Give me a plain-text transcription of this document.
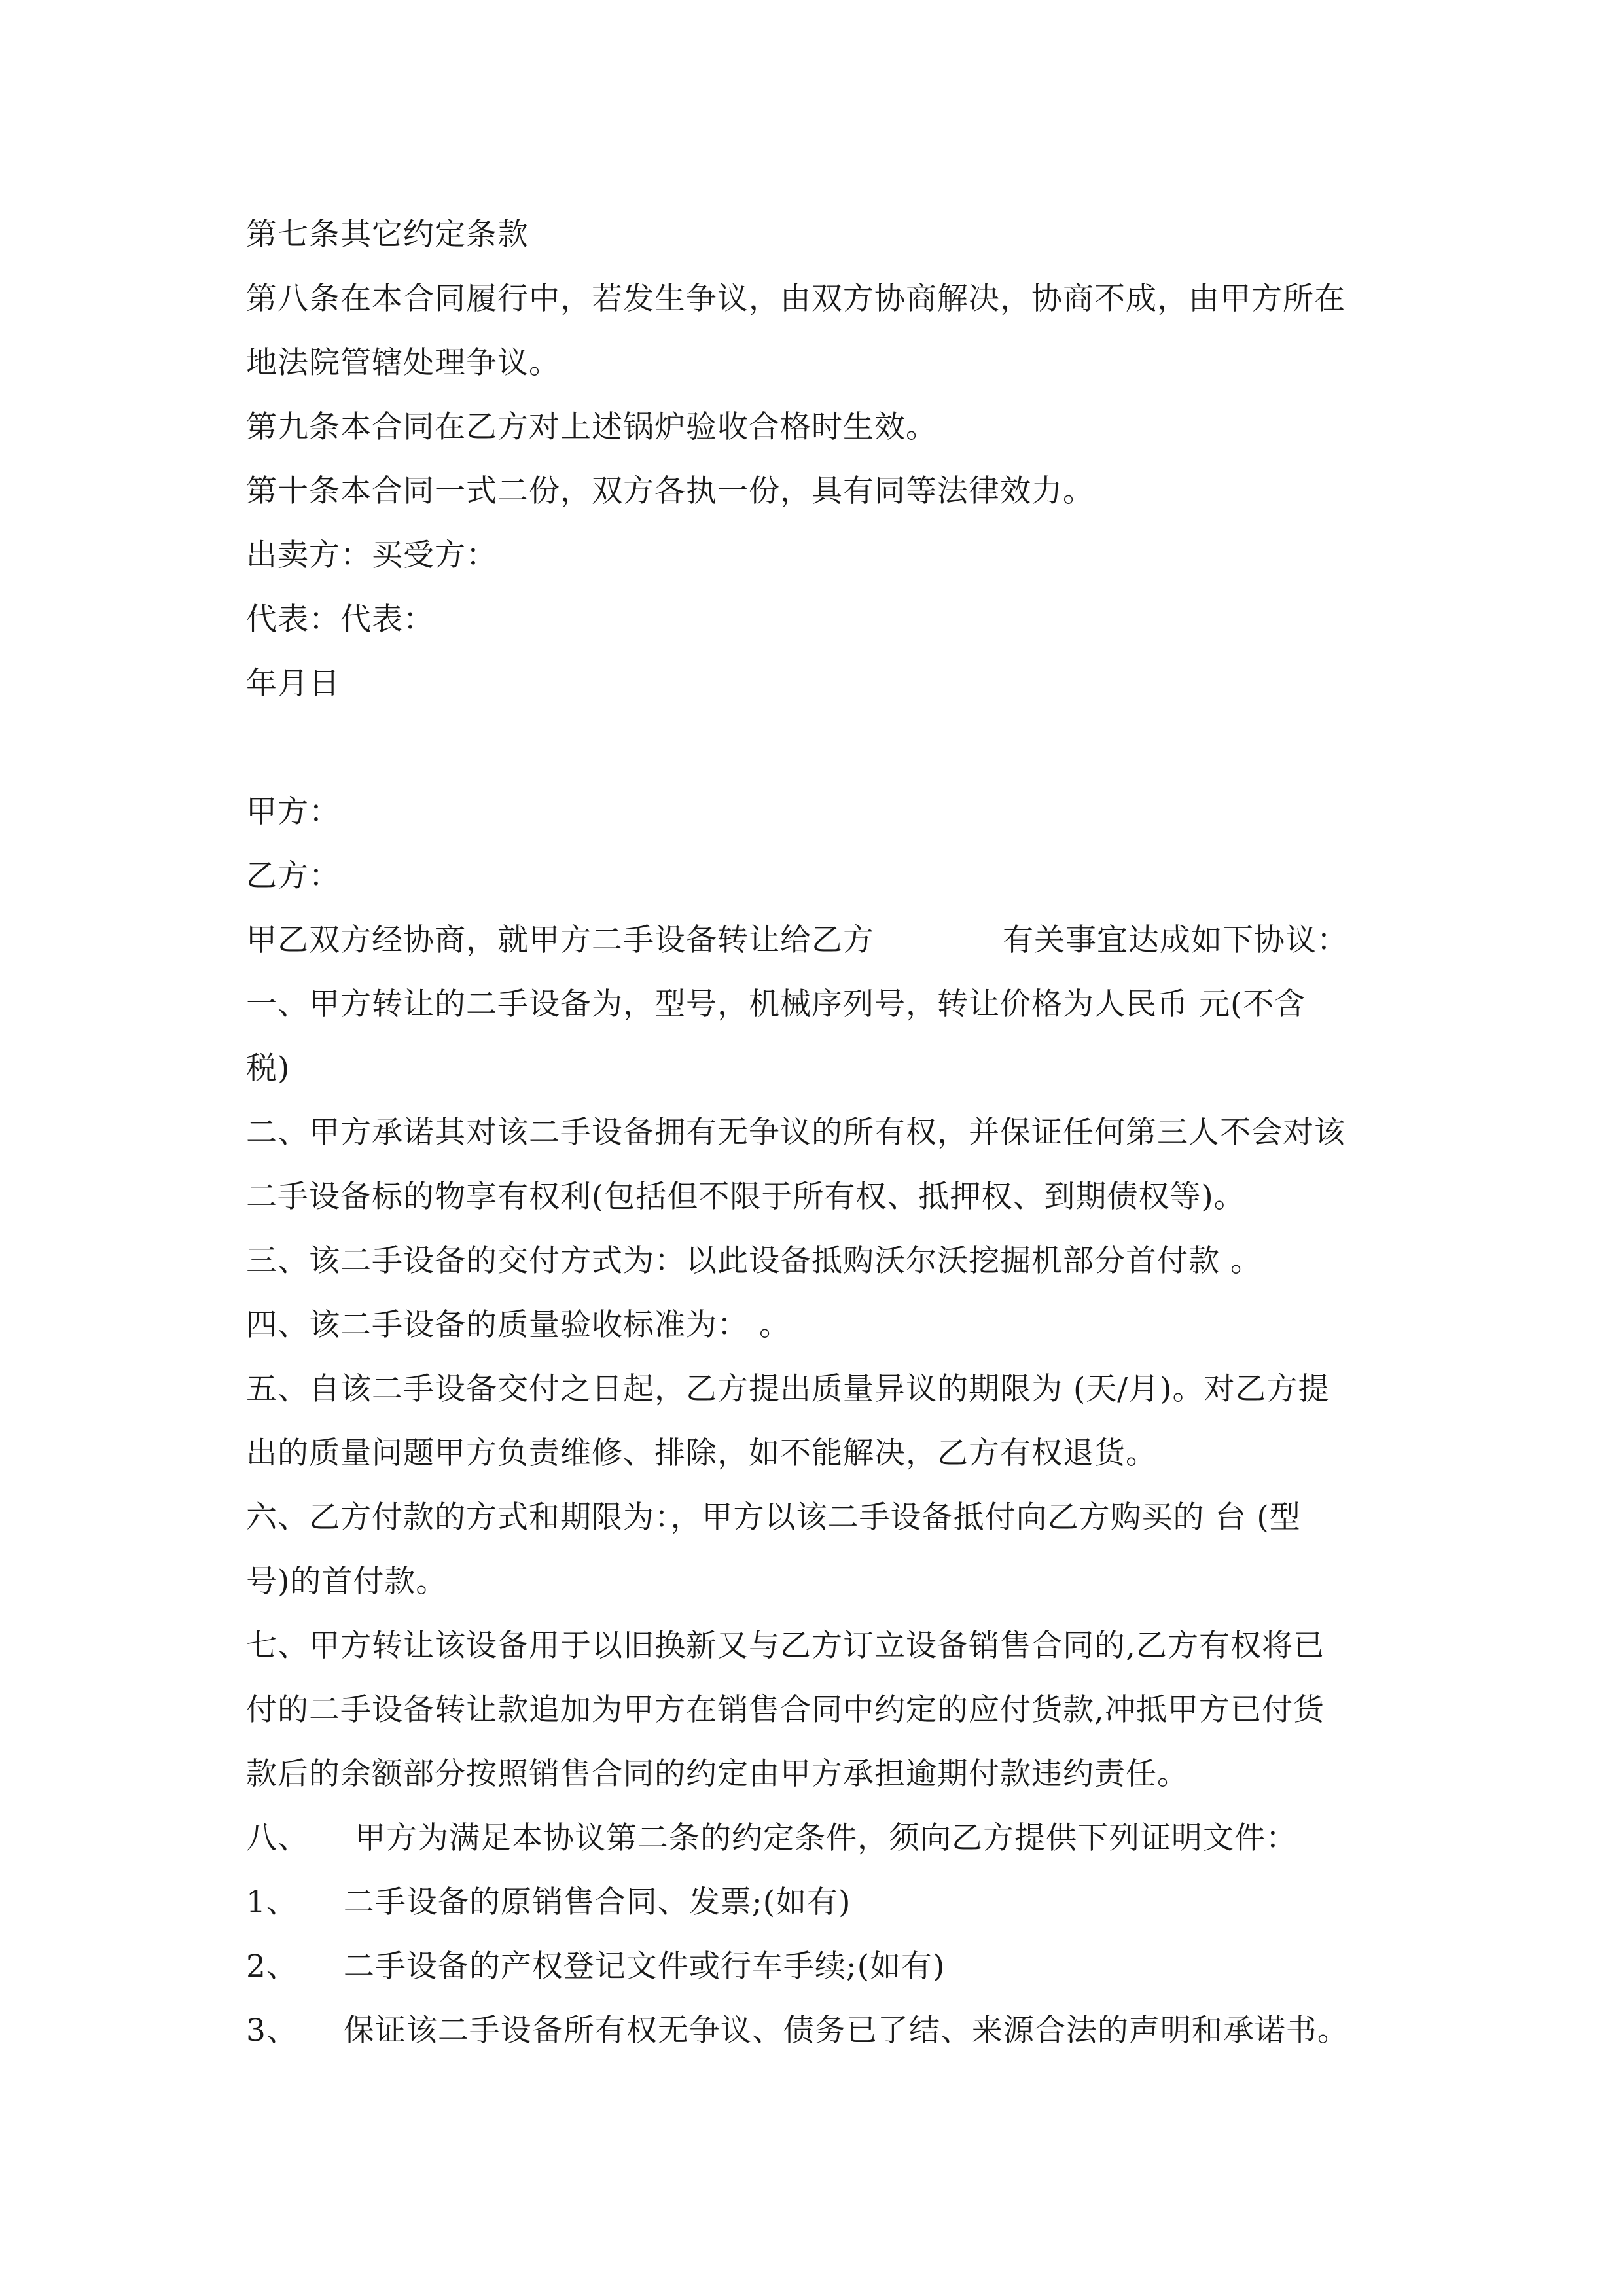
第七条其它约定条款
第八条在本合同履行中，若发生争议，由双方协商解决，协商不成，由甲方所在
地法院管辖处理争议。
第九条本合同在乙方对上述锅炉验收合格时生效。
第十条本合同一式二份，双方各执一份，具有同等法律效力。
出卖方：买受方：
代表：代表：
年月日
甲方：
乙方：
甲乙双方经协商，就甲方二手设备转让给乙方	有关事宜达成如下协议：
一、甲方转让的二手设备为，型号，机械序列号，转让价格为人民币 元(不含
税)
二、甲方承诺其对该二手设备拥有无争议的所有权，并保证任何第三人不会对该
二手设备标的物享有权利(包括但不限于所有权、抵押权、到期债权等)。
三、该二手设备的交付方式为：以此设备抵购沃尔沃挖掘机部分首付款 。
四、该二手设备的质量验收标准为： 。
五、自该二手设备交付之日起，乙方提出质量异议的期限为 (天/月)。对乙方提
出的质量问题甲方负责维修、排除，如不能解决，乙方有权退货。
六、乙方付款的方式和期限为：，甲方以该二手设备抵付向乙方购买的 台 (型
号)的首付款。
七、甲方转让该设备用于以旧换新又与乙方订立设备销售合同的,乙方有权将已
付的二手设备转让款追加为甲方在销售合同中约定的应付货款,冲抵甲方已付货
款后的余额部分按照销售合同的约定由甲方承担逾期付款违约责任。
八、 甲方为满足本协议第二条的约定条件，须向乙方提供下列证明文件：
1、 二手设备的原销售合同、发票;(如有)
2、 二手设备的产权登记文件或行车手续;(如有)
3、 保证该二手设备所有权无争议、债务已了结、来源合法的声明和承诺书。
